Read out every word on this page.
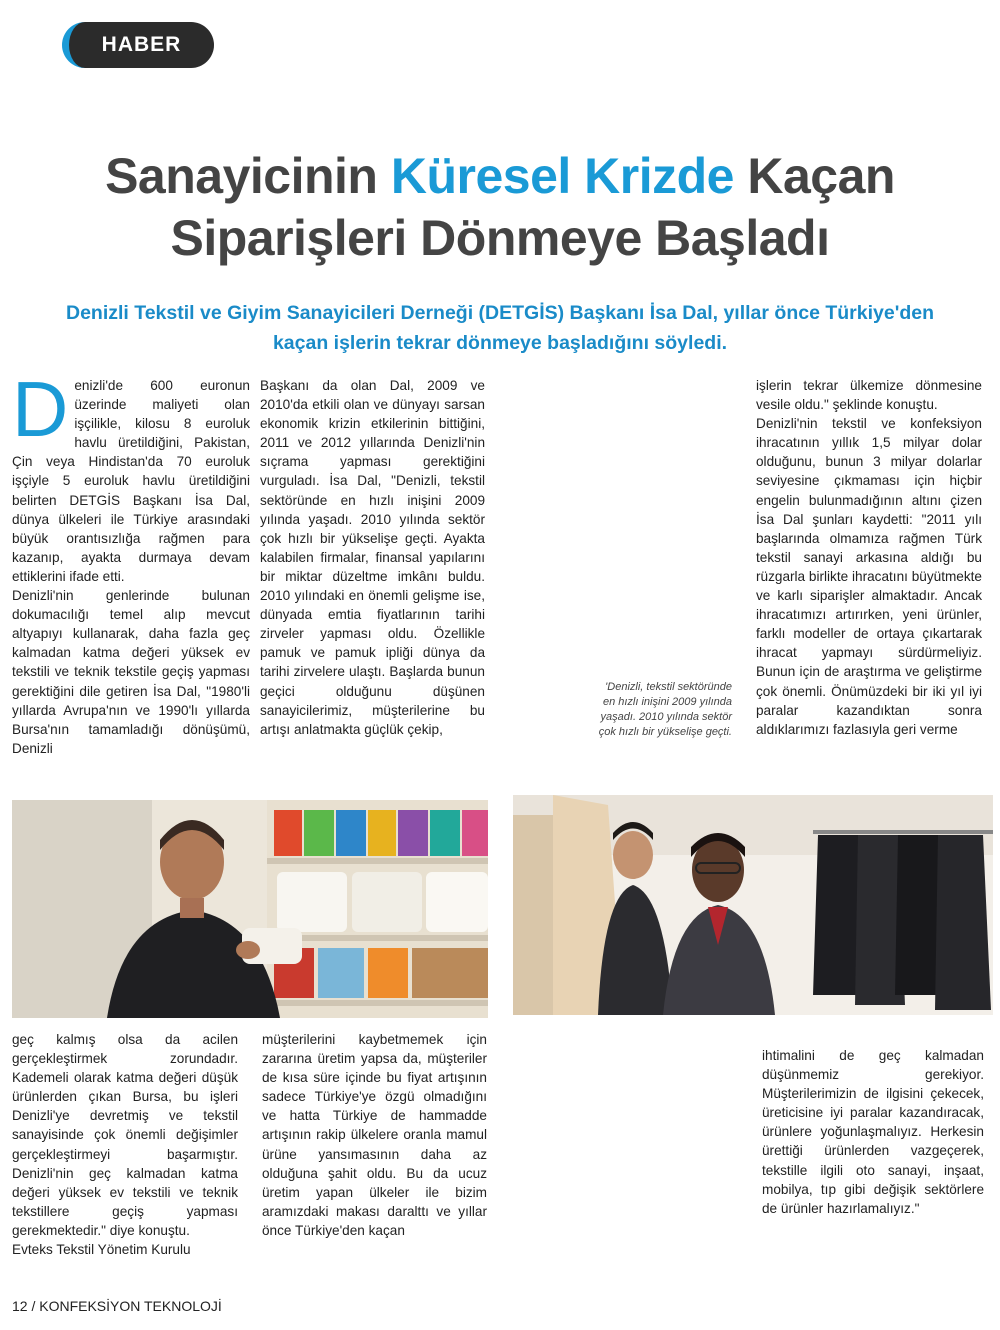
HABER
Sanayicinin Küresel Krizde Kaçan
Siparişleri Dönmeye Başladı
Denizli Tekstil ve Giyim Sanayicileri Derneği (DETGİS) Başkanı İsa Dal, yıllar önce Türkiye'den
kaçan işlerin tekrar dönmeye başladığını söyledi.

Denizli'de 600 euronun üzerinde maliyeti olan işçilikle, kilosu 8 euroluk havlu üretildiğini, Pakistan, Çin veya Hindistan'da 70 euroluk işçiyle 5 euroluk havlu üretildiğini belirten DETGİS Başkanı İsa Dal, dünya ülkeleri ile Türkiye arasındaki büyük orantısızlığa rağmen para kazanıp, ayakta durmaya devam ettiklerini ifade etti.

Denizli'nin genlerinde bulunan dokumacılığı temel alıp mevcut altyapıyı kullanarak, daha fazla geç kalmadan katma değeri yüksek ev tekstili ve teknik tekstile geçiş yapması gerektiğini dile getiren İsa Dal, "1980'li yıllarda Avrupa'nın ve 1990'lı yıllarda Bursa'nın tamamladığı dönüşümü, Denizli

Başkanı da olan Dal, 2009 ve 2010'da etkili olan ve dünyayı sarsan ekonomik krizin etkilerinin bittiğini, 2011 ve 2012 yıllarında Denizli'nin sıçrama yapması gerektiğini vurguladı. İsa Dal, "Denizli, tekstil sektöründe en hızlı inişini 2009 yılında yaşadı. 2010 yılında sektör çok hızlı bir yükselişe geçti. Ayakta kalabilen firmalar, finansal yapılarını bir miktar düzeltme imkânı buldu. 2010 yılındaki en önemli gelişme ise, dünyada emtia fiyatlarının tarihi zirveler yapması oldu. Özellikle pamuk ve pamuk ipliği dünya da tarihi zirvelere ulaştı. Başlarda bunun geçici olduğunu düşünen sanayicilerimiz, müşterilerine bu artışı anlatmakta güçlük çekip,

işlerin tekrar ülkemize dönmesine vesile oldu." şeklinde konuştu.

Denizli'nin tekstil ve konfeksiyon ihracatının yıllık 1,5 milyar dolar olduğunu, bunun 3 milyar dolarlar seviyesine çıkmaması için hiçbir engelin bulunmadığının altını çizen İsa Dal şunları kaydetti: "2011 yılı başlarında olmamıza rağmen Türk tekstil sanayi arkasına aldığı bu rüzgarla birlikte ihracatını büyütmekte ve karlı siparişler almaktadır. Ancak ihracatımızı artırırken, yeni ürünler, farklı modeller de ortaya çıkartarak ihracat yapmayı sürdürmeliyiz. Bunun için de araştırma ve geliştirme çok önemli. Önümüzdeki bir iki yıl iyi paralar kazandıktan sonra aldıklarımızı fazlasıyla geri verme

'Denizli, tekstil sektöründe en hızlı inişini 2009 yılında yaşadı. 2010 yılında sektör çok hızlı bir yükselişe geçti.

geç kalmış olsa da acilen gerçekleştirmek zorundadır. Kademeli olarak katma değeri düşük ürünlerden çıkan Bursa, bu işleri Denizli'ye devretmiş ve tekstil sanayisinde çok önemli değişimler gerçekleştirmeyi başarmıştır. Denizli'nin geç kalmadan katma değeri yüksek ev tekstili ve teknik tekstillere geçiş yapması gerekmektedir." diye konuştu.

Evteks Tekstil Yönetim Kurulu

müşterilerini kaybetmemek için zararına üretim yapsa da, müşteriler de kısa süre içinde bu fiyat artışının sadece Türkiye'ye özgü olmadığını ve hatta Türkiye de hammadde artışının rakip ülkelere oranla mamul ürüne yansımasının daha az olduğuna şahit oldu. Bu da ucuz üretim yapan ülkeler ile bizim aramızdaki makası daralttı ve yıllar önce Türkiye'den kaçan

ihtimalini de geç kalmadan düşünmemiz gerekiyor. Müşterilerimizin de ilgisini çekecek, üreticisine iyi paralar kazandıracak, ürünlere yoğunlaşmalıyız. Herkesin ürettiği ürünlerden vazgeçerek, tekstille ilgili oto sanayi, inşaat, mobilya, tıp gibi değişik sektörlere de ürünler hazırlamalıyız."

12 / KONFEKSİYON TEKNOLOJİ
